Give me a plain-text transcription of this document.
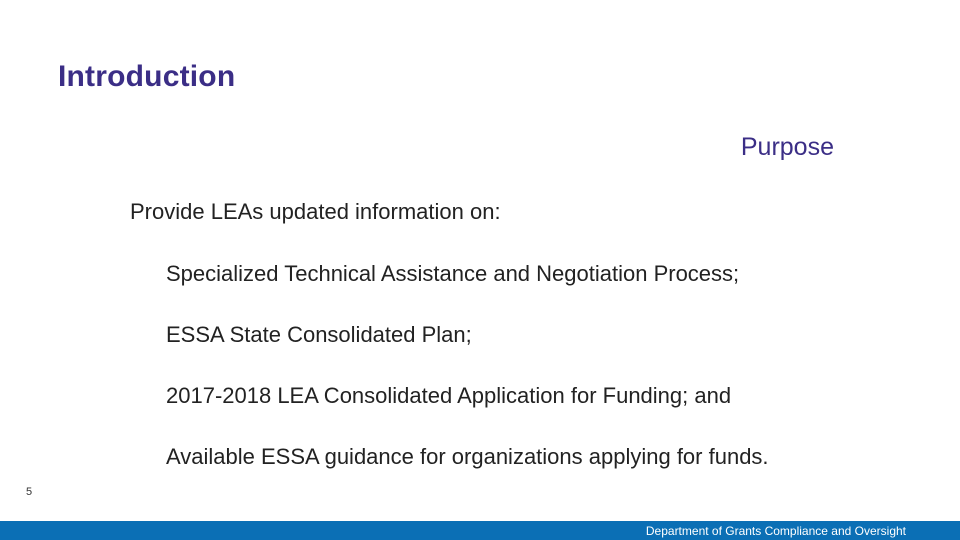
Introduction
Purpose
Provide LEAs updated information on:
Specialized Technical Assistance and Negotiation Process;
ESSA State Consolidated Plan;
2017-2018 LEA Consolidated Application for Funding; and
Available ESSA guidance for organizations applying for funds.
5
Department of Grants Compliance and Oversight
